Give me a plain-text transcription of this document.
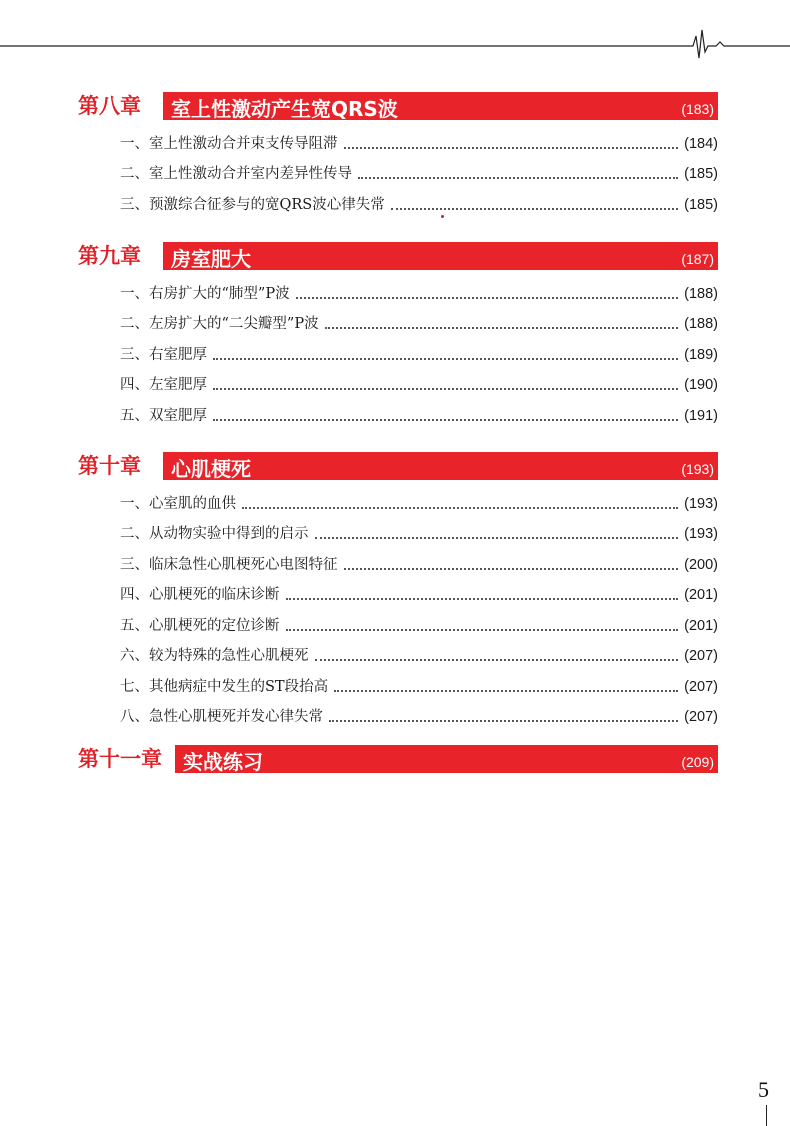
第八章 室上性激动产生宽QRS波	(183)
一、室上性激动合并束支传导阻滞	(184)
二、室上性激动合并室内差异性传导	(185)
三、预激综合征参与的宽QRS波心律失常	(185)
第九章 房室肥大	(187)
一、右房扩大的“肺型”P波	(188)
二、左房扩大的“二尖瓣型”P波	(188)
三、右室肥厚	(189)
四、左室肥厚	(190)
五、双室肥厚	(191)
第十章 心肌梗死	(193)
一、心室肌的血供	(193)
二、从动物实验中得到的启示	(193)
三、临床急性心肌梗死心电图特征	(200)
四、心肌梗死的临床诊断	(201)
五、心肌梗死的定位诊断	(201)
六、较为特殊的急性心肌梗死	(207)
七、其他病症中发生的ST段抬高	(207)
八、急性心肌梗死并发心律失常	(207)
第十一章 实战练习	(209)
5
